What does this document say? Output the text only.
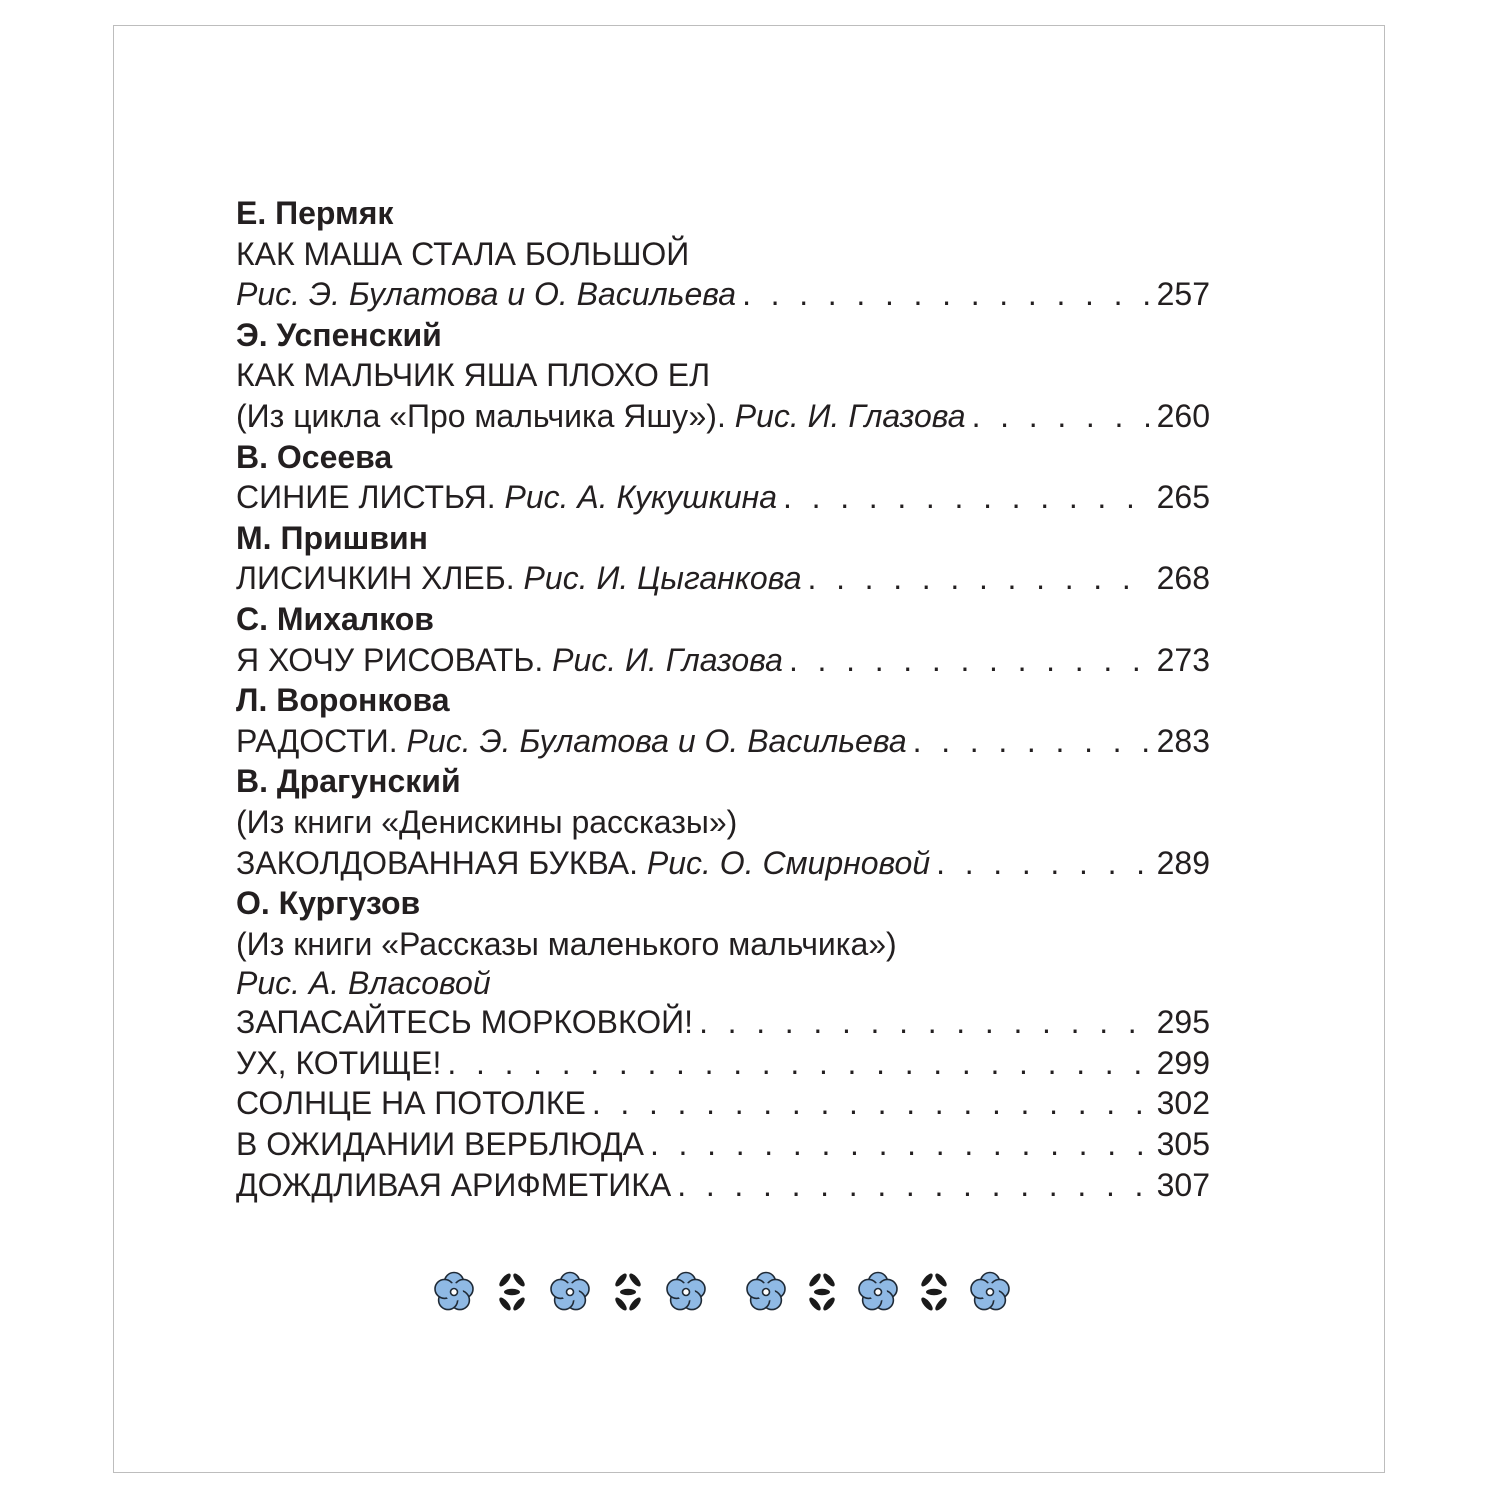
Е. Пермяк
КАК МАША СТАЛА БОЛЬШОЙ
Рис. Э. Булатова и О. Васильева . . .	257
Э. Успенский
КАК МАЛЬЧИК ЯША ПЛОХО ЕЛ
(Из цикла «Про мальчика Яшу»). Рис. И. Глазова . . .	260
В. Осеева
СИНИЕ ЛИСТЬЯ. Рис. А. Кукушкина . . .	265
М. Пришвин
ЛИСИЧКИН ХЛЕБ. Рис. И. Цыганкова . . .	268
С. Михалков
Я ХОЧУ РИСОВАТЬ. Рис. И. Глазова . . .	273
Л. Воронкова
РАДОСТИ. Рис. Э. Булатова и О. Васильева . . .	283
В. Драгунский
(Из книги «Денискины рассказы»)
ЗАКОЛДОВАННАЯ БУКВА. Рис. О. Смирновой . . .	289
О. Кургузов
(Из книги «Рассказы маленького мальчика»)
Рис. А. Власовой
ЗАПАСАЙТЕСЬ МОРКОВКОЙ! . . .	295
УХ, КОТИЩЕ! . . .	299
СОЛНЦЕ НА ПОТОЛКЕ . . .	302
В ОЖИДАНИИ ВЕРБЛЮДА . . .	305
ДОЖДЛИВАЯ АРИФМЕТИКА . . .	307
